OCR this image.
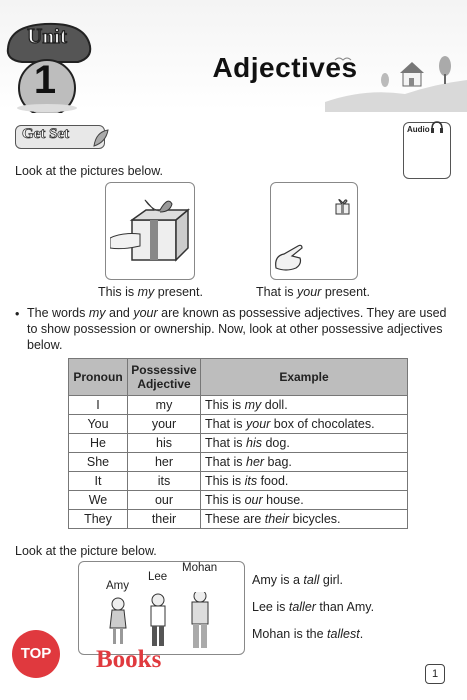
Unit
1	Adjectives
Get Set	Audio
Look at the pictures below.
This is my present.	That is your present.
• The words my and your are known as possessive adjectives. They are used to show possession or ownership. Now, look at other possessive adjectives below.
Pronoun	Possessive Adjective	Example
I	my	This is my doll.
You	your	That is your box of chocolates.
He	his	That is his dog.
She	her	That is her bag.
It	its	This is its food.
We	our	This is our house.
They	their	These are their bicycles.
Look at the picture below.
Amy
Lee
Mohan
Amy is a tall girl.
Lee is taller than Amy.
Mohan is the tallest.
1
TOP	Books
